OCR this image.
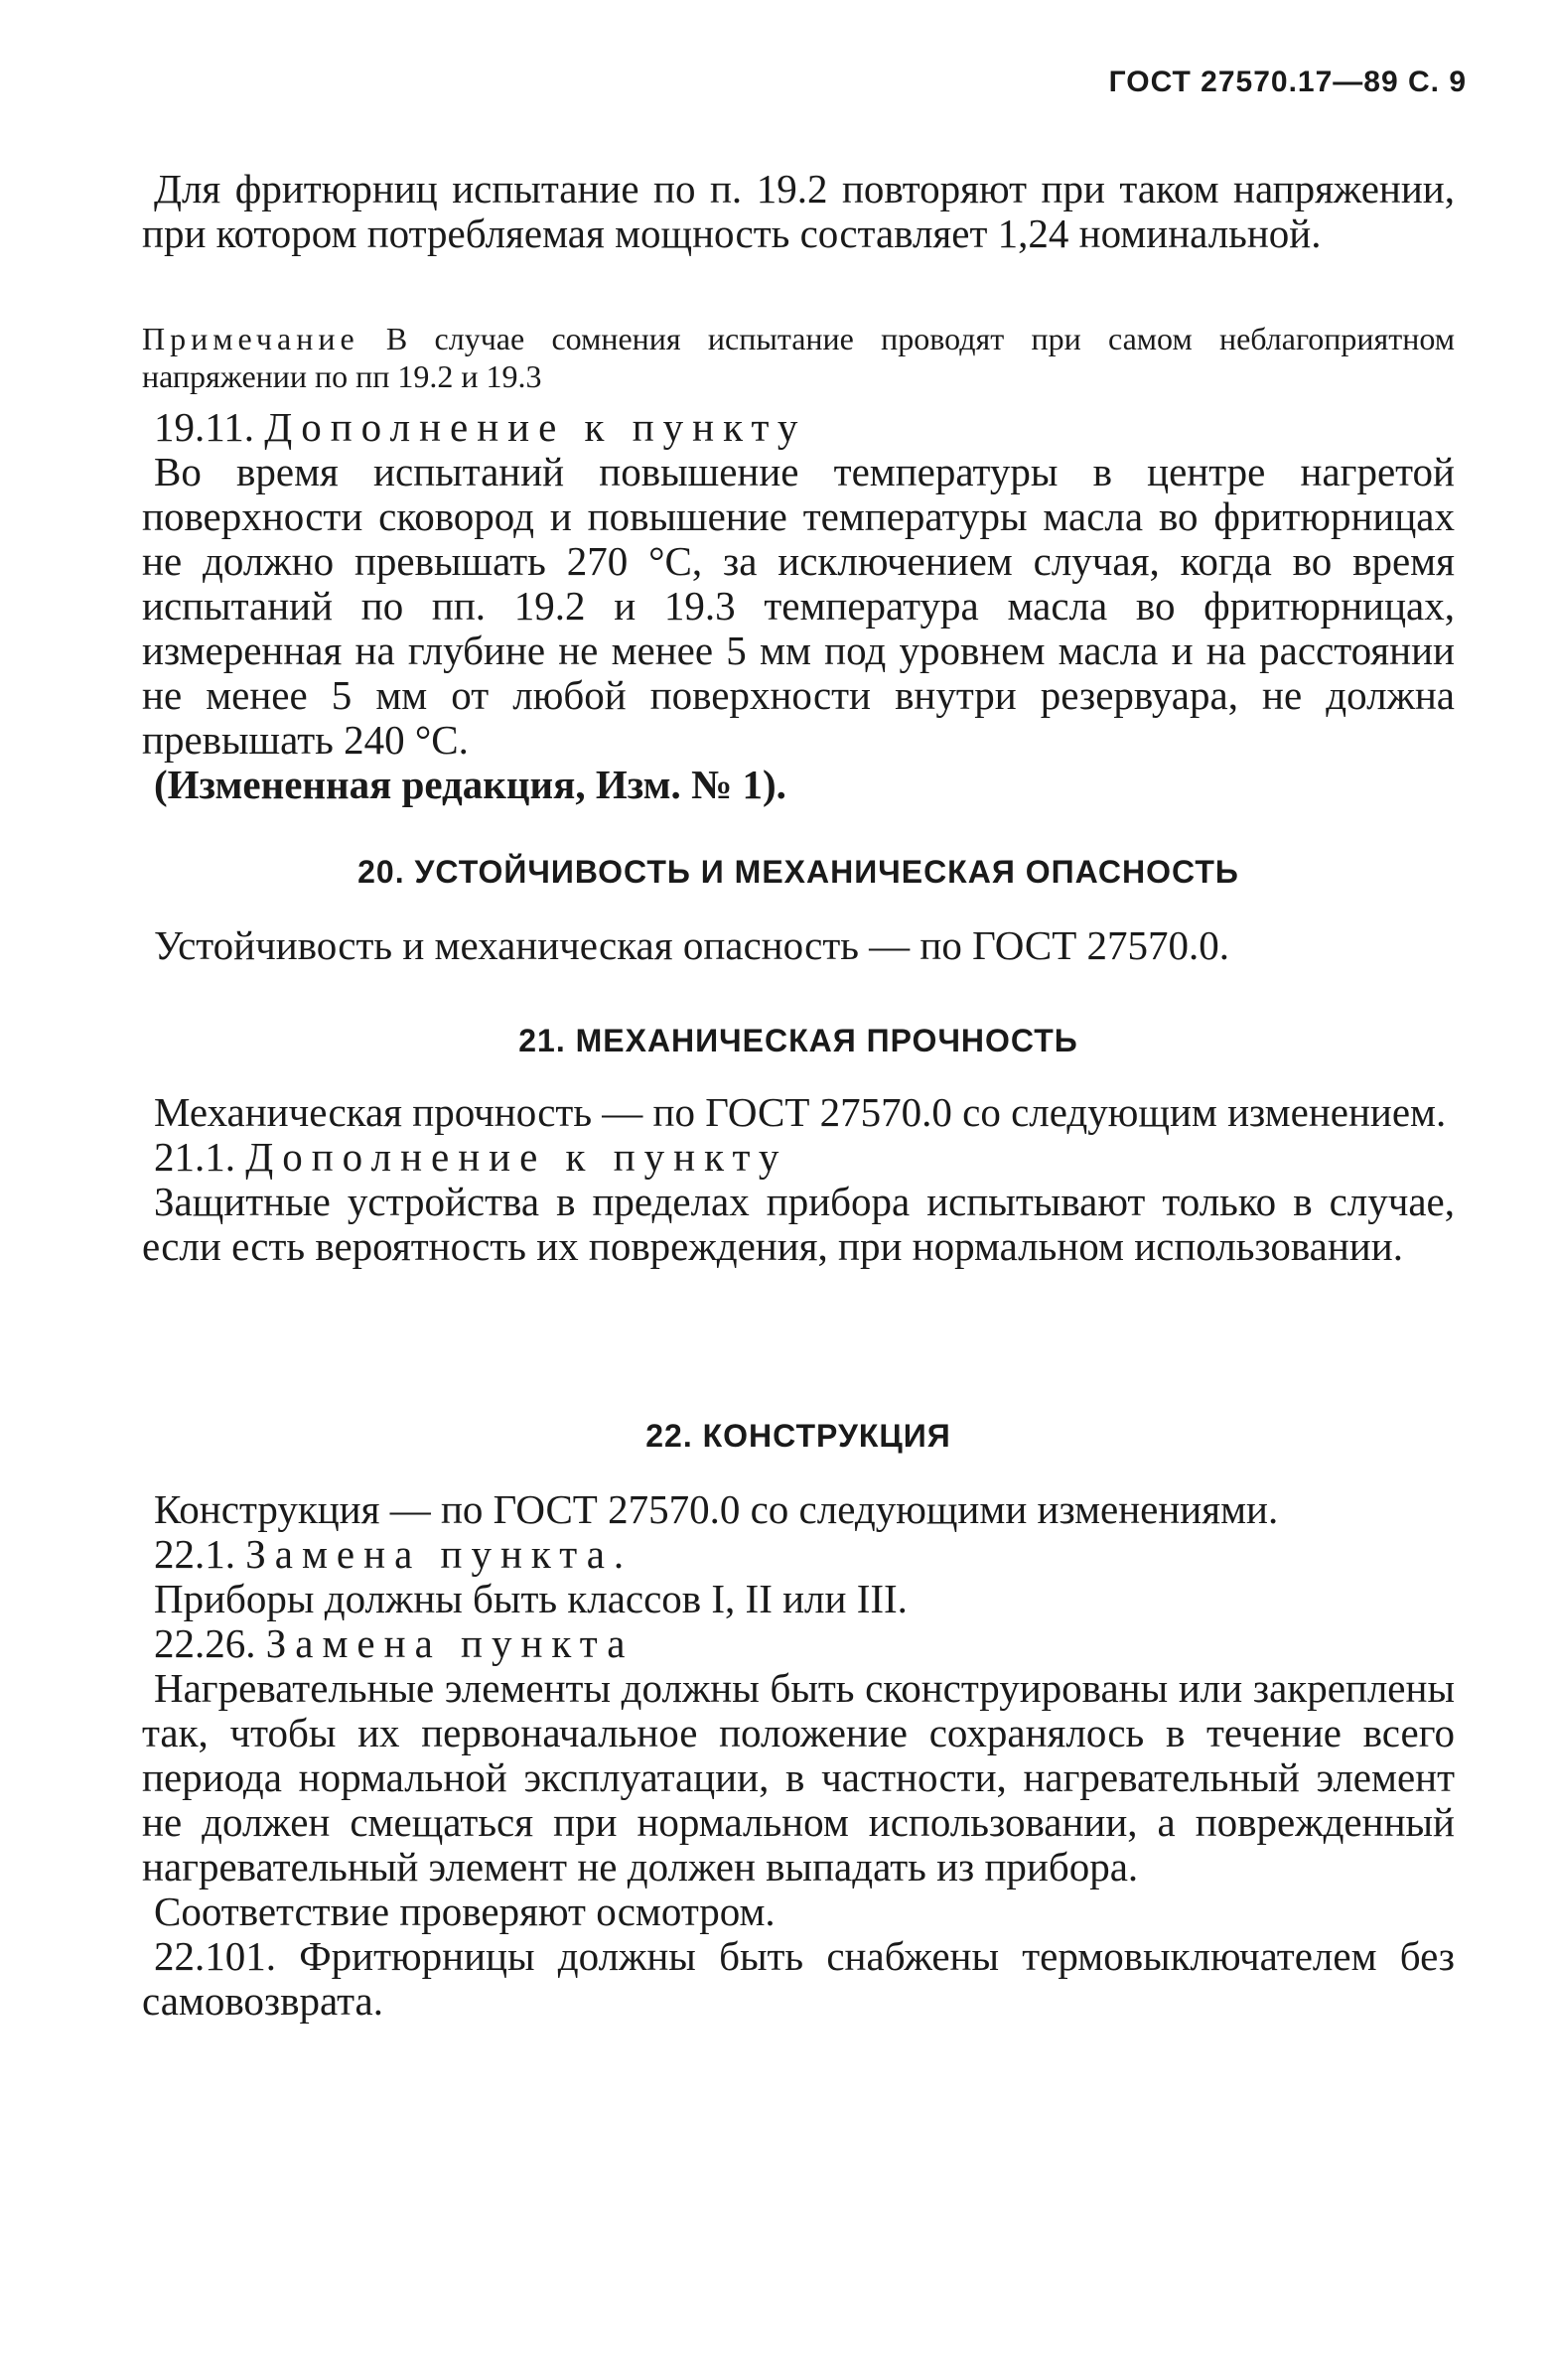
ГОСТ 27570.17—89 С. 9

Для фритюрниц испытание по п. 19.2 повторяют при таком напряжении, при котором потребляемая мощность составляет 1,24 номинальной.

Примечание В случае сомнения испытание проводят при самом неблагоприятном напряжении по пп 19.2 и 19.3

19.11. Дополнение к пункту

Во время испытаний повышение температуры в центре нагретой поверхности сковород и повышение температуры масла во фритюрницах не должно превышать 270 °С, за исключением случая, когда во время испытаний по пп. 19.2 и 19.3 температура масла во фритюрницах, измеренная на глубине не менее 5 мм под уровнем масла и на расстоянии не менее 5 мм от любой поверхности внутри резервуара, не должна превышать 240 °С.

(Измененная редакция, Изм. № 1).

20. УСТОЙЧИВОСТЬ И МЕХАНИЧЕСКАЯ ОПАСНОСТЬ

Устойчивость и механическая опасность — по ГОСТ 27570.0.

21. МЕХАНИЧЕСКАЯ ПРОЧНОСТЬ

Механическая прочность — по ГОСТ 27570.0 со следующим изменением.

21.1. Дополнение к пункту

Защитные устройства в пределах прибора испытывают только в случае, если есть вероятность их повреждения, при нормальном использовании.

22. КОНСТРУКЦИЯ

Конструкция — по ГОСТ 27570.0 со следующими изменениями.

22.1. Замена пункта.

Приборы должны быть классов I, II или III.

22.26. Замена пункта

Нагревательные элементы должны быть сконструированы или закреплены так, чтобы их первоначальное положение сохранялось в течение всего периода нормальной эксплуатации, в частности, нагревательный элемент не должен смещаться при нормальном использовании, а поврежденный нагревательный элемент не должен выпадать из прибора.

Соответствие проверяют осмотром.

22.101. Фритюрницы должны быть снабжены термовыключателем без самовозврата.
